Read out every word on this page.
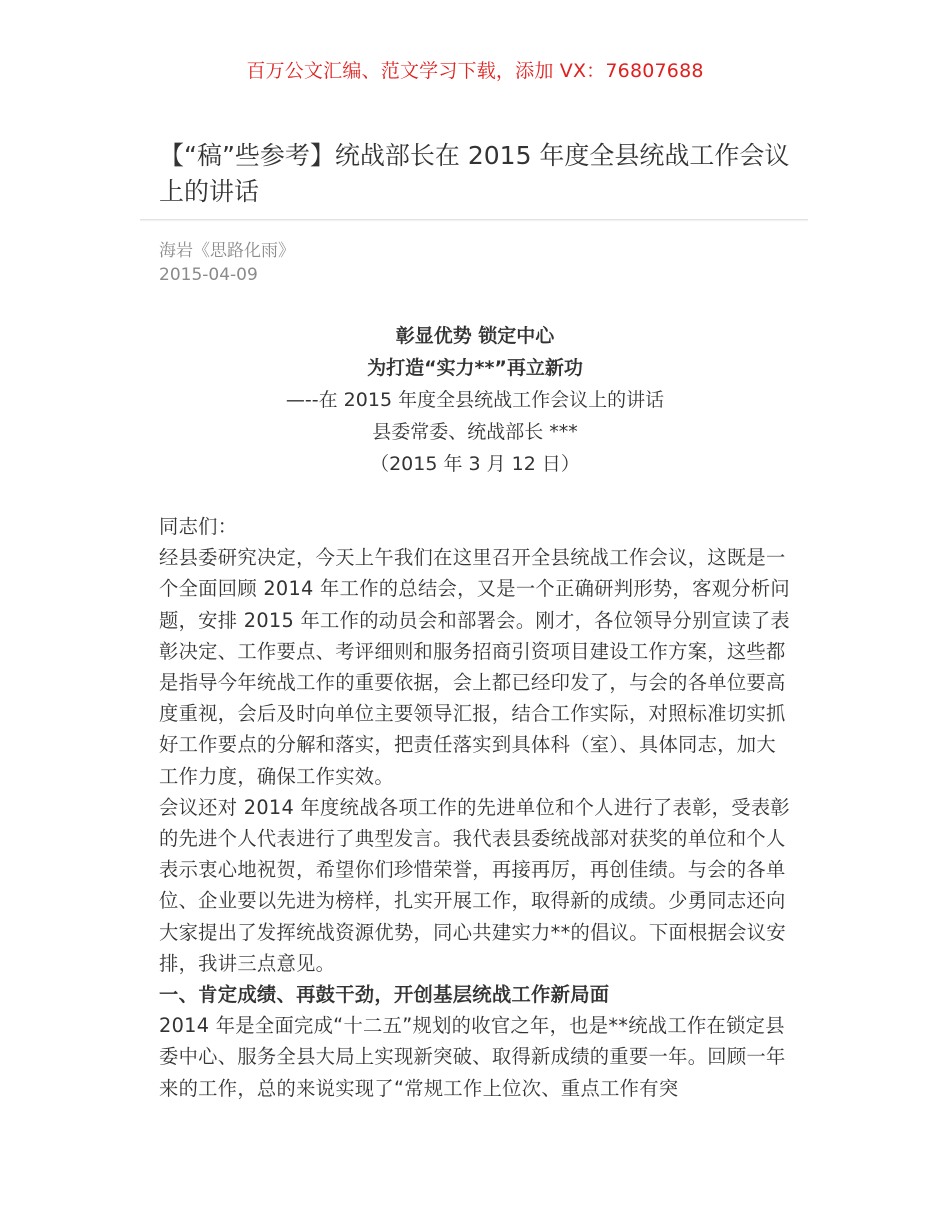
百万公文汇编、范文学习下载，添加 VX：76807688
【“稿”些参考】统战部长在 2015 年度全县统战工作会议上的讲话
海岩《思路化雨》
2015-04-09
彰显优势 锁定中心
为打造“实力**”再立新功
—--在 2015 年度全县统战工作会议上的讲话
县委常委、统战部长 ***
（2015 年 3 月 12 日）

同志们：

经县委研究决定，今天上午我们在这里召开全县统战工作会议，这既是一个全面回顾 2014 年工作的总结会，又是一个正确研判形势，客观分析问题，安排 2015 年工作的动员会和部署会。刚才，各位领导分别宣读了表彰决定、工作要点、考评细则和服务招商引资项目建设工作方案，这些都是指导今年统战工作的重要依据，会上都已经印发了，与会的各单位要高度重视，会后及时向单位主要领导汇报，结合工作实际，对照标准切实抓好工作要点的分解和落实，把责任落实到具体科（室）、具体同志，加大工作力度，确保工作实效。

会议还对 2014 年度统战各项工作的先进单位和个人进行了表彰，受表彰的先进个人代表进行了典型发言。我代表县委统战部对获奖的单位和个人表示衷心地祝贺，希望你们珍惜荣誉，再接再厉，再创佳绩。与会的各单位、企业要以先进为榜样，扎实开展工作，取得新的成绩。少勇同志还向大家提出了发挥统战资源优势，同心共建实力**的倡议。下面根据会议安排，我讲三点意见。

一、肯定成绩、再鼓干劲，开创基层统战工作新局面

2014 年是全面完成“十二五”规划的收官之年，也是**统战工作在锁定县委中心、服务全县大局上实现新突破、取得新成绩的重要一年。回顾一年来的工作，总的来说实现了“常规工作上位次、重点工作有突
